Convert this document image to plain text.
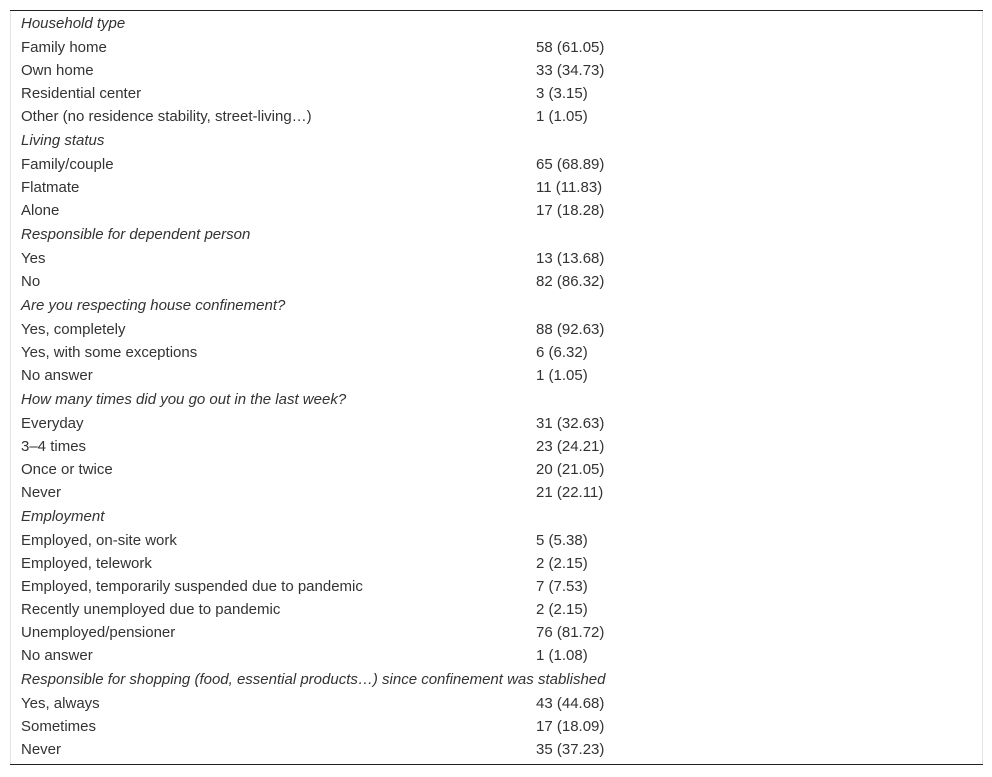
Household type	
Family home	58 (61.05)
Own home	33 (34.73)
Residential center	3 (3.15)
Other (no residence stability, street-living…)	1 (1.05)
Living status	
Family/couple	65 (68.89)
Flatmate	11 (11.83)
Alone	17 (18.28)
Responsible for dependent person	
Yes	13 (13.68)
No	82 (86.32)
Are you respecting house confinement?	
Yes, completely	88 (92.63)
Yes, with some exceptions	6 (6.32)
No answer	1 (1.05)
How many times did you go out in the last week?	
Everyday	31 (32.63)
3–4 times	23 (24.21)
Once or twice	20 (21.05)
Never	21 (22.11)
Employment	
Employed, on-site work	5 (5.38)
Employed, telework	2 (2.15)
Employed, temporarily suspended due to pandemic	7 (7.53)
Recently unemployed due to pandemic	2 (2.15)
Unemployed/pensioner	76 (81.72)
No answer	1 (1.08)
Responsible for shopping (food, essential products…) since confinement was stablished	
Yes, always	43 (44.68)
Sometimes	17 (18.09)
Never	35 (37.23)
